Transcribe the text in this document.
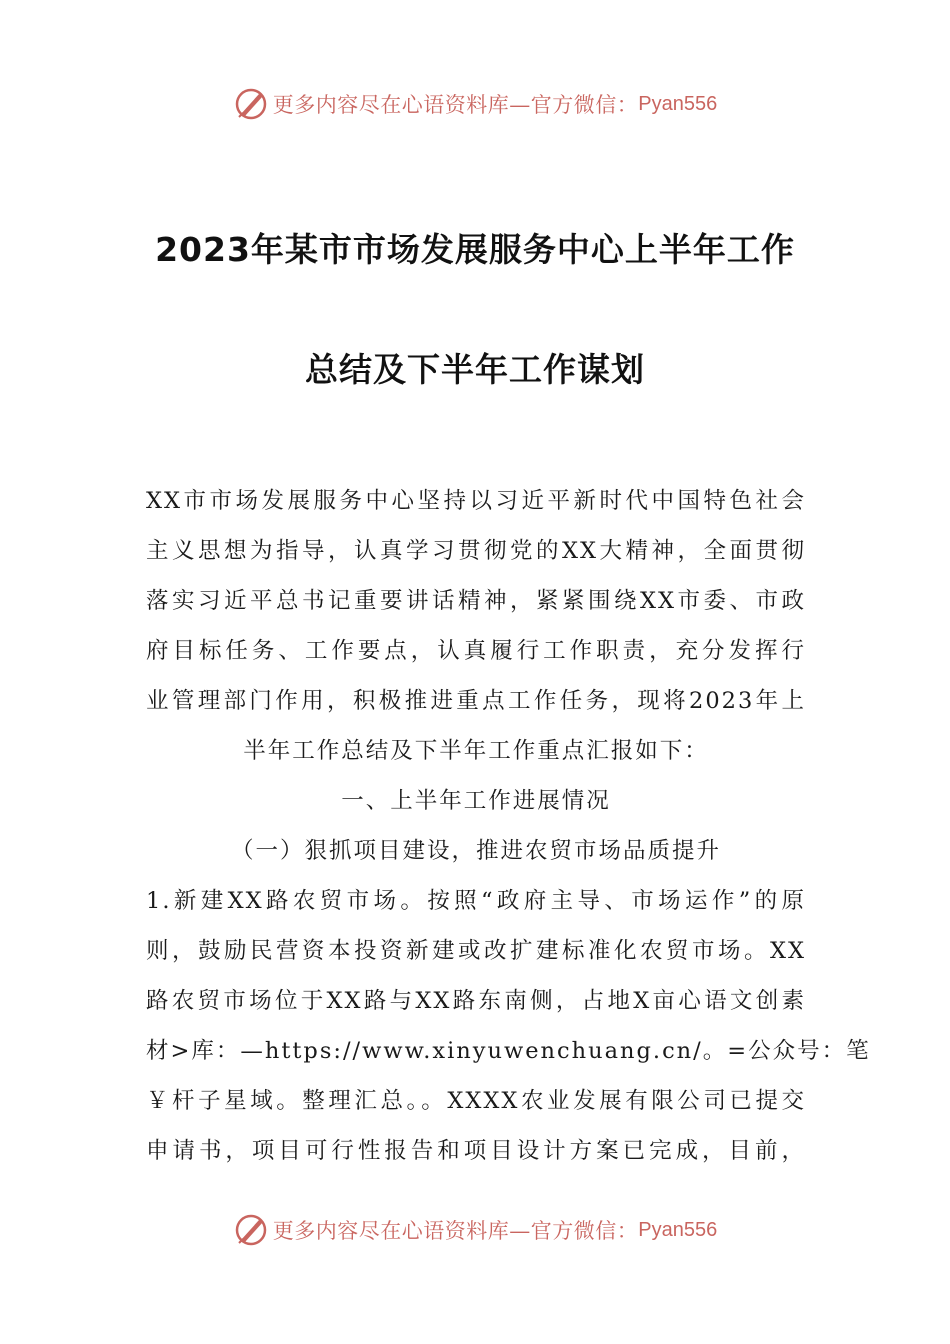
更多内容尽在心语资料库—官方微信： Pyan556
2023年某市市场发展服务中心上半年工作
总结及下半年工作谋划
XX市市场发展服务中心坚持以习近平新时代中国特色社会
主义思想为指导，认真学习贯彻党的XX大精神，全面贯彻
落实习近平总书记重要讲话精神，紧紧围绕XX市委、市政
府目标任务、工作要点，认真履行工作职责，充分发挥行
业管理部门作用，积极推进重点工作任务，现将2023年上
半年工作总结及下半年工作重点汇报如下：
一、上半年工作进展情况
（一）狠抓项目建设，推进农贸市场品质提升
1.新建XX路农贸市场。按照“政府主导、市场运作”的原
则，鼓励民营资本投资新建或改扩建标准化农贸市场。XX
路农贸市场位于XX路与XX路东南侧，占地X亩心语文创素
材>库：—https://www.xinyuwenchuang.cn/。=公众号：笔
￥杆子星域。整理汇总。。XXXX农业发展有限公司已提交
申请书，项目可行性报告和项目设计方案已完成，目前，
更多内容尽在心语资料库—官方微信： Pyan556
